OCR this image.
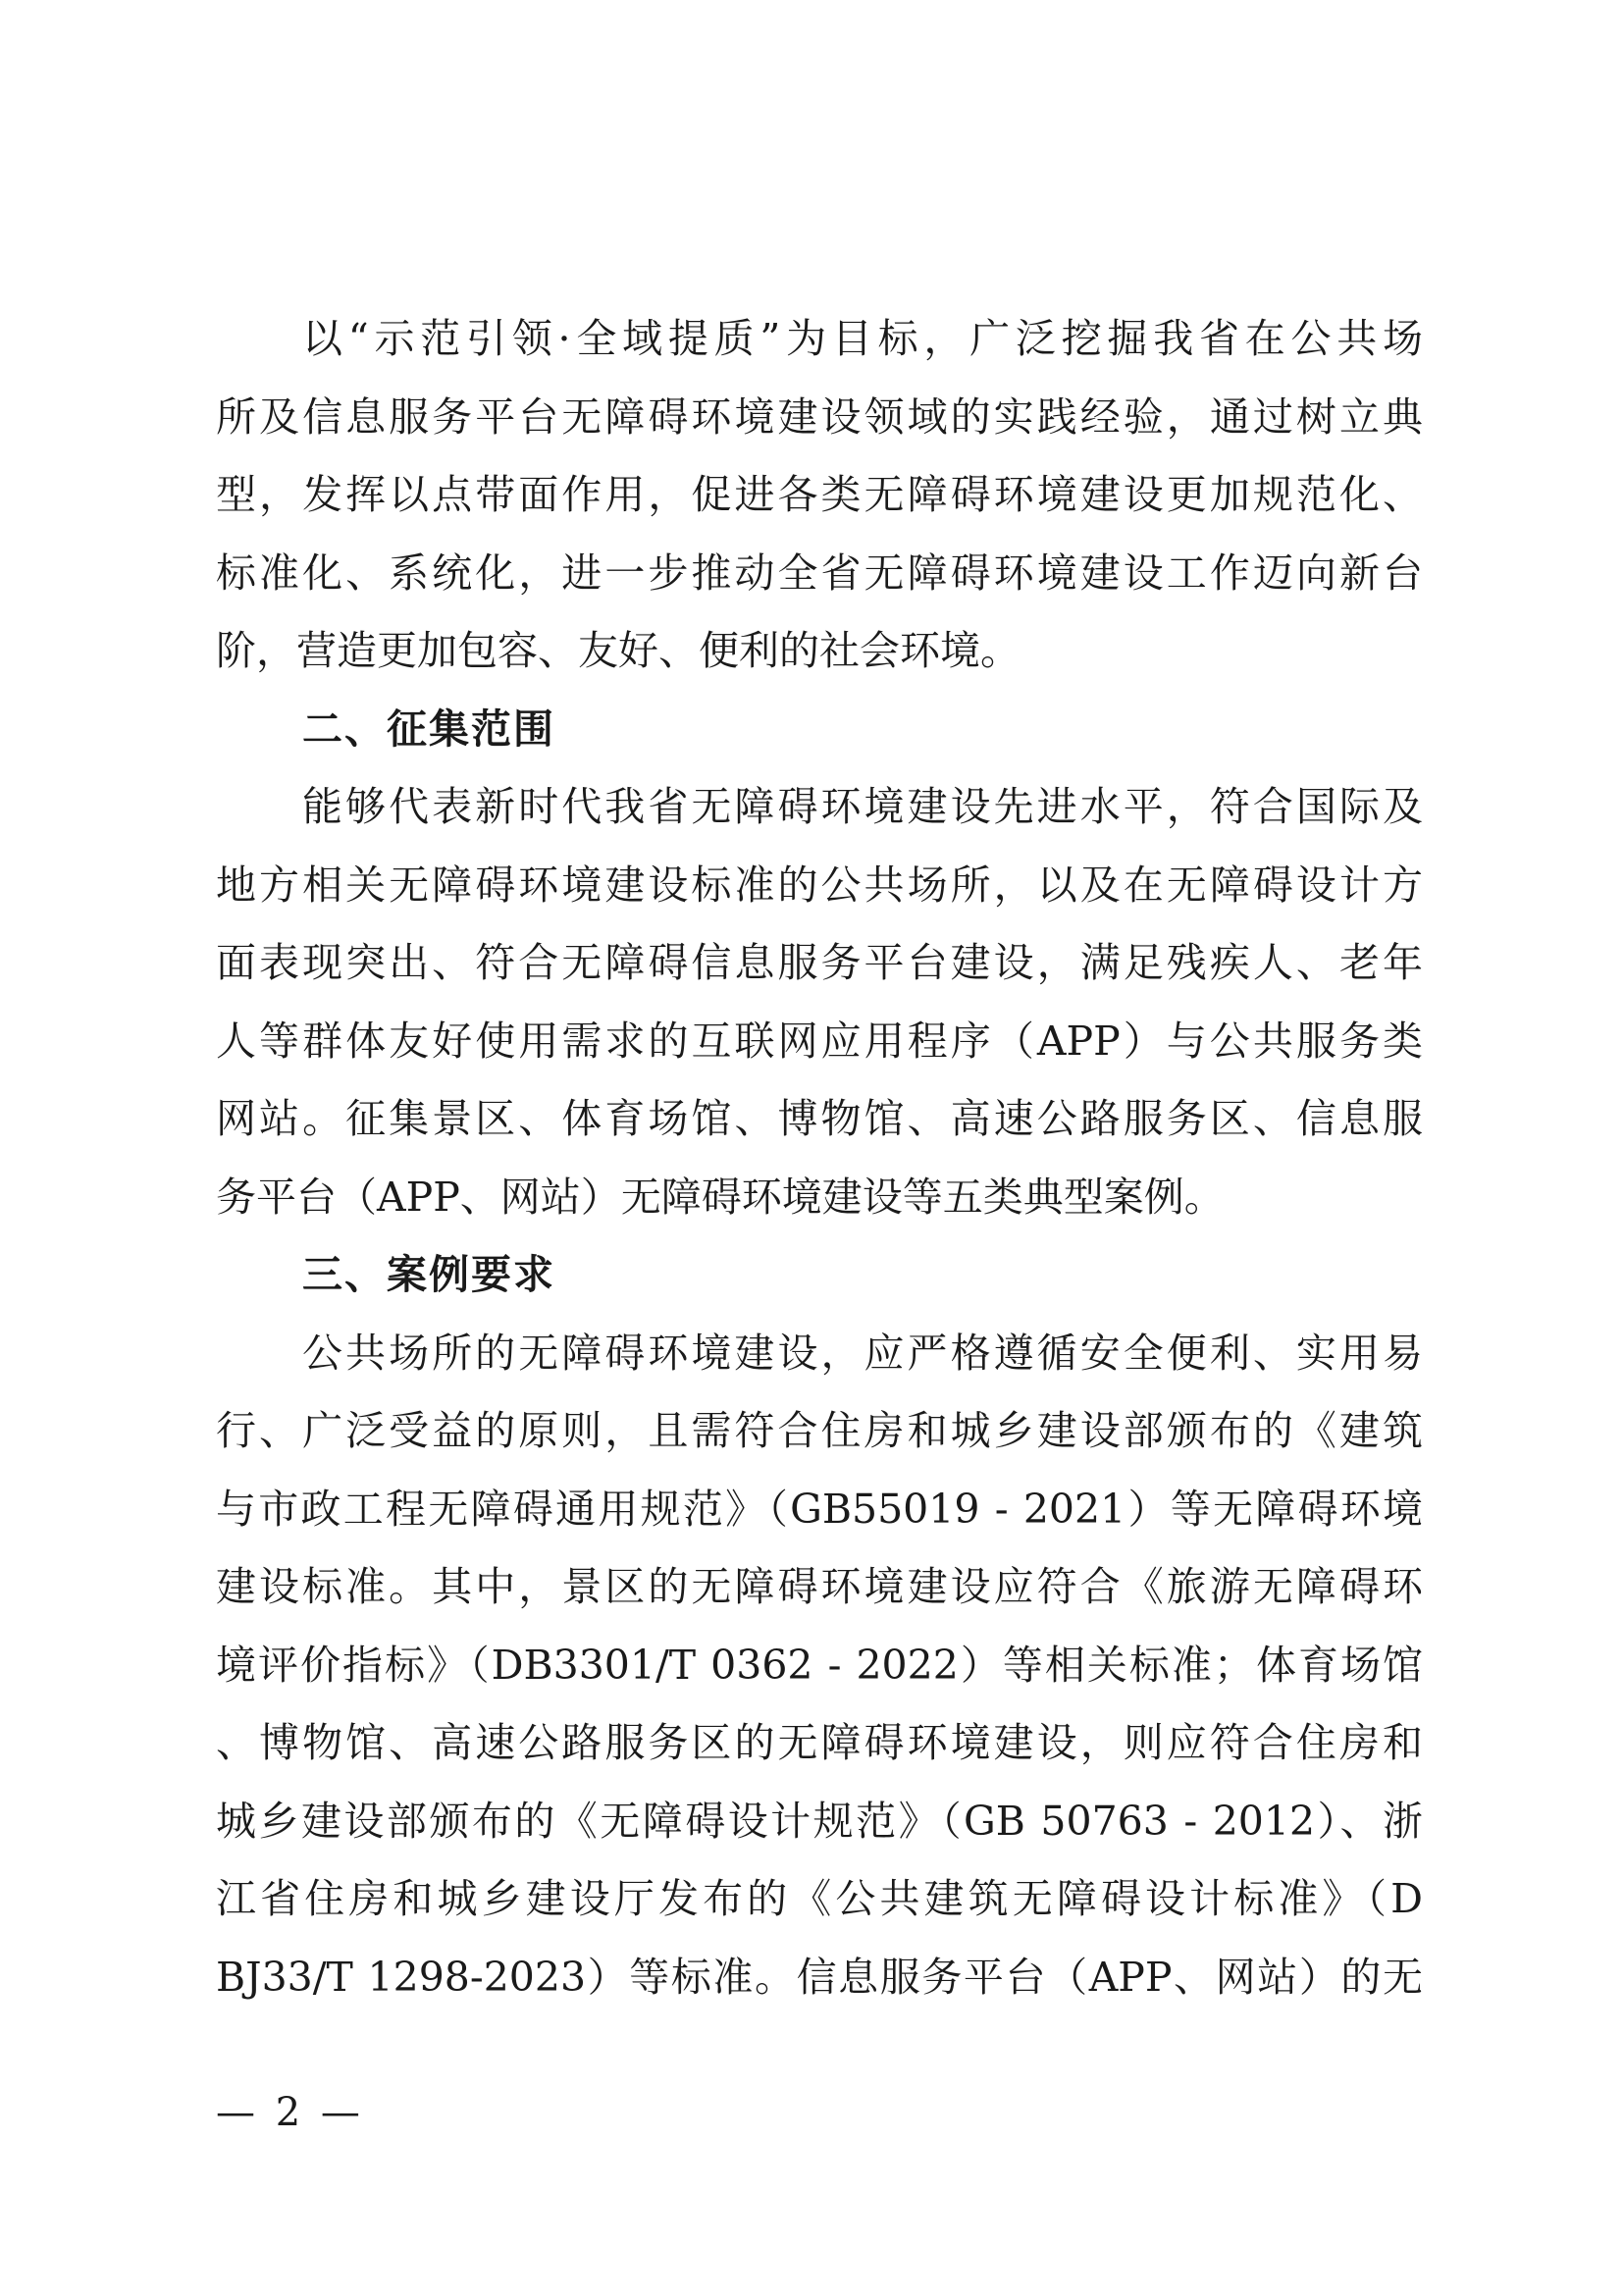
以“示范引领·全域提质”为目标，广泛挖掘我省在公共场
所及信息服务平台无障碍环境建设领域的实践经验，通过树立典
型，发挥以点带面作用，促进各类无障碍环境建设更加规范化、
标准化、系统化，进一步推动全省无障碍环境建设工作迈向新台
阶，营造更加包容、友好、便利的社会环境。
二、征集范围
能够代表新时代我省无障碍环境建设先进水平，符合国际及
地方相关无障碍环境建设标准的公共场所，以及在无障碍设计方
面表现突出、符合无障碍信息服务平台建设，满足残疾人、老年
人等群体友好使用需求的互联网应用程序（APP）与公共服务类
网站。征集景区、体育场馆、博物馆、高速公路服务区、信息服
务平台（APP、网站）无障碍环境建设等五类典型案例。
三、案例要求
公共场所的无障碍环境建设，应严格遵循安全便利、实用易
行、广泛受益的原则，且需符合住房和城乡建设部颁布的《建筑
与市政工程无障碍通用规范》（GB55019 - 2021）等无障碍环境
建设标准。其中，景区的无障碍环境建设应符合《旅游无障碍环
境评价指标》（DB3301/T 0362 - 2022）等相关标准；体育场馆
、博物馆、高速公路服务区的无障碍环境建设，则应符合住房和
城乡建设部颁布的《无障碍设计规范》（GB 50763 - 2012）、浙
江省住房和城乡建设厅发布的《公共建筑无障碍设计标准》（D
BJ33/T 1298-2023）等标准。信息服务平台（APP、网站）的无
— 2 —
